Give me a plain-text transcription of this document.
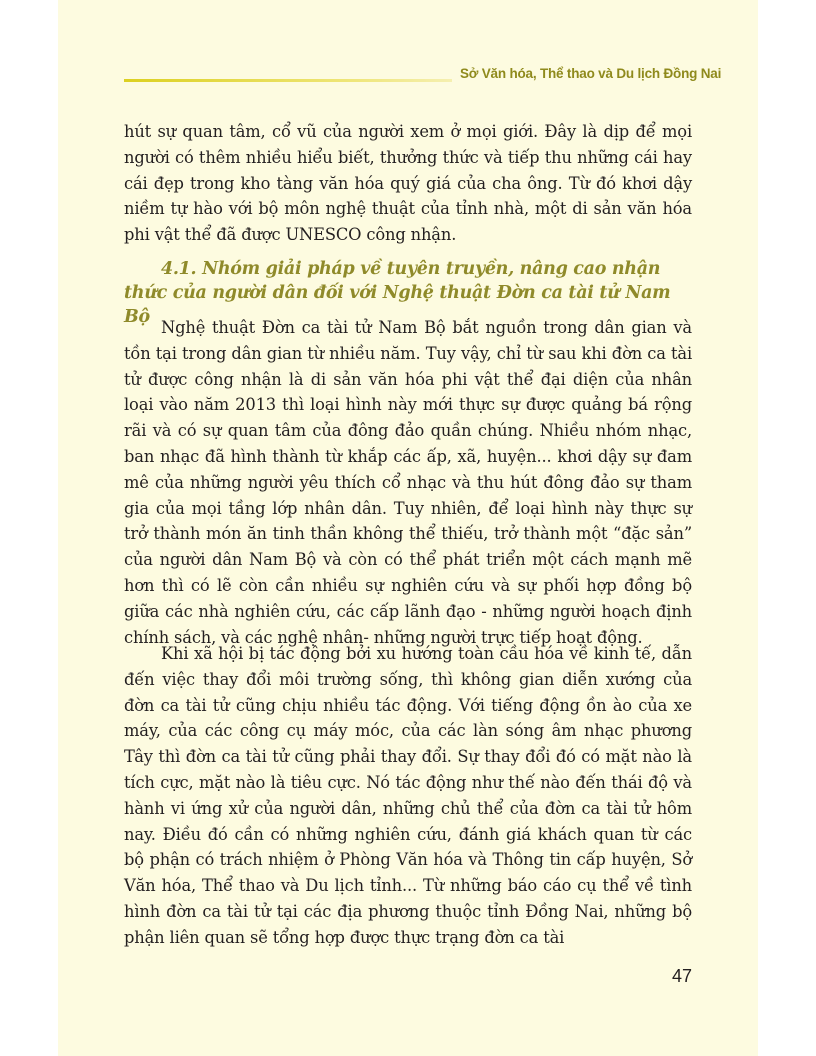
Sở Văn hóa, Thể thao và Du lịch Đồng Nai

hút sự quan tâm, cổ vũ của người xem ở mọi giới. Đây là dịp để mọi người có thêm nhiều hiểu biết, thưởng thức và tiếp thu những cái hay cái đẹp trong kho tàng văn hóa quý giá của cha ông. Từ đó khơi dậy niềm tự hào với bộ môn nghệ thuật của tỉnh nhà, một di sản văn hóa phi vật thể đã được UNESCO công nhận.

4.1. Nhóm giải pháp về tuyên truyền, nâng cao nhận thức của người dân đối với Nghệ thuật Đờn ca tài tử Nam Bộ

Nghệ thuật Đờn ca tài tử Nam Bộ bắt nguồn trong dân gian và tồn tại trong dân gian từ nhiều năm. Tuy vậy, chỉ từ sau khi đờn ca tài tử được công nhận là di sản văn hóa phi vật thể đại diện của nhân loại vào năm 2013 thì loại hình này mới thực sự được quảng bá rộng rãi và có sự quan tâm của đông đảo quần chúng. Nhiều nhóm nhạc, ban nhạc đã hình thành từ khắp các ấp, xã, huyện... khơi dậy sự đam mê của những người yêu thích cổ nhạc và thu hút đông đảo sự tham gia của mọi tầng lớp nhân dân. Tuy nhiên, để loại hình này thực sự trở thành món ăn tinh thần không thể thiếu, trở thành một “đặc sản” của người dân Nam Bộ và còn có thể phát triển một cách mạnh mẽ hơn thì có lẽ còn cần nhiều sự nghiên cứu và sự phối hợp đồng bộ giữa các nhà nghiên cứu, các cấp lãnh đạo - những người hoạch định chính sách, và các nghệ nhân- những người trực tiếp hoạt động.

Khi xã hội bị tác động bởi xu hướng toàn cầu hóa về kinh tế, dẫn đến việc thay đổi môi trường sống, thì không gian diễn xướng của đờn ca tài tử cũng chịu nhiều tác động. Với tiếng động ồn ào của xe máy, của các công cụ máy móc, của các làn sóng âm nhạc phương Tây thì đờn ca tài tử cũng phải thay đổi. Sự thay đổi đó có mặt nào là tích cực, mặt nào là tiêu cực. Nó tác động như thế nào đến thái độ và hành vi ứng xử của người dân, những chủ thể của đờn ca tài tử hôm nay. Điều đó cần có những nghiên cứu, đánh giá khách quan từ các bộ phận có trách nhiệm ở Phòng Văn hóa và Thông tin cấp huyện, Sở Văn hóa, Thể thao và Du lịch tỉnh... Từ những báo cáo cụ thể về tình hình đờn ca tài tử tại các địa phương thuộc tỉnh Đồng Nai, những bộ phận liên quan sẽ tổng hợp được thực trạng đờn ca tài

47
